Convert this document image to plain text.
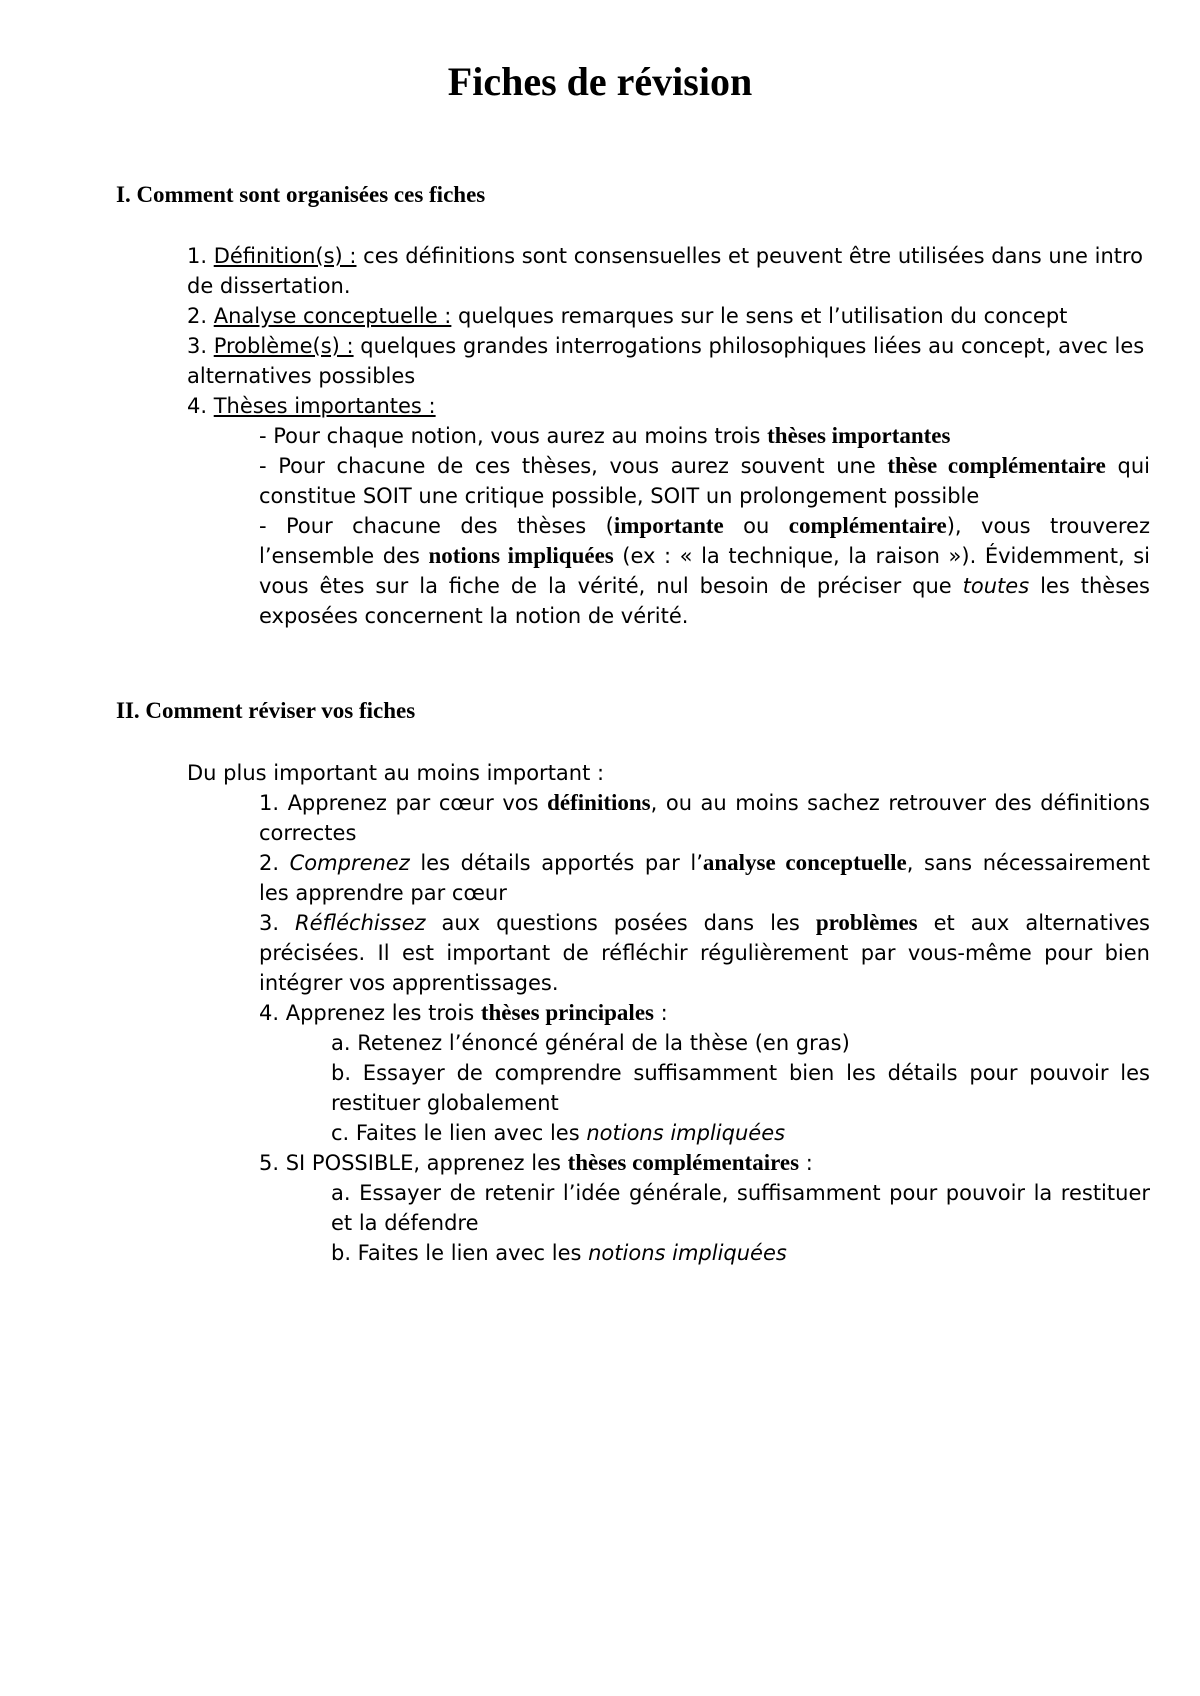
Fiches de révision
I. Comment sont organisées ces fiches

1. Définition(s) : ces définitions sont consensuelles et peuvent être utilisées dans une intro de dissertation.

2. Analyse conceptuelle : quelques remarques sur le sens et l’utilisation du concept

3. Problème(s) : quelques grandes interrogations philosophiques liées au concept, avec les alternatives possibles

4. Thèses importantes :

- Pour chaque notion, vous aurez au moins trois thèses importantes

- Pour chacune de ces thèses, vous aurez souvent une thèse complémentaire qui constitue SOIT une critique possible, SOIT un prolongement possible

- Pour chacune des thèses (importante ou complémentaire), vous trouverez l’ensemble des notions impliquées (ex : « la technique, la raison »). Évidemment, si vous êtes sur la fiche de la vérité, nul besoin de préciser que toutes les thèses exposées concernent la notion de vérité.

II. Comment réviser vos fiches

Du plus important au moins important :

1. Apprenez par cœur vos définitions, ou au moins sachez retrouver des définitions correctes

2. Comprenez les détails apportés par l’analyse conceptuelle, sans nécessairement les apprendre par cœur

3. Réfléchissez aux questions posées dans les problèmes et aux alternatives précisées. Il est important de réfléchir régulièrement par vous-même pour bien intégrer vos apprentissages.

4. Apprenez les trois thèses principales :

a. Retenez l’énoncé général de la thèse (en gras)

b. Essayer de comprendre suffisamment bien les détails pour pouvoir les restituer globalement

c. Faites le lien avec les notions impliquées

5. SI POSSIBLE, apprenez les thèses complémentaires :

a. Essayer de retenir l’idée générale, suffisamment pour pouvoir la restituer et la défendre

b. Faites le lien avec les notions impliquées
